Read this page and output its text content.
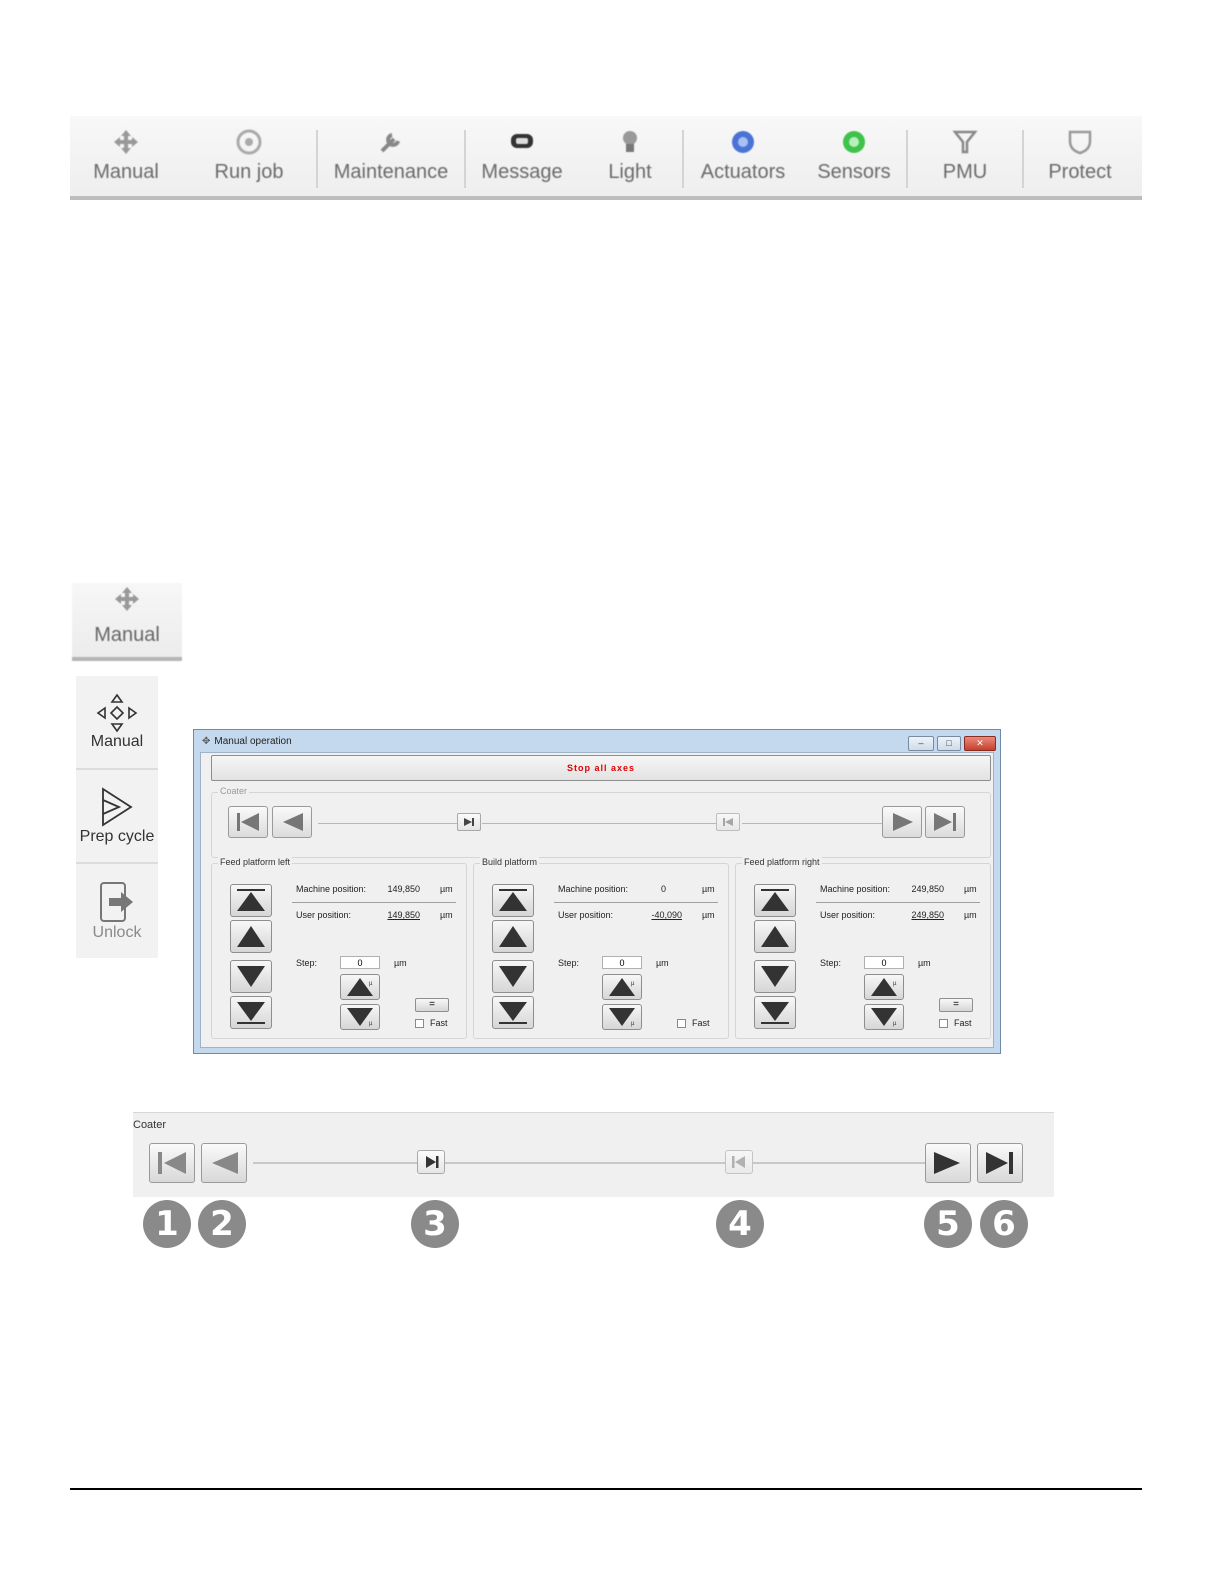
Manual	Run job	Maintenance Message Light Actuators Sensors	PMU	Protect
Manual
Manual
Prep cycle
Unlock
✥ Manual operation	–	□	✕
Stop all axes
Coater
Feed platform left
Machine position:	149,850 µm
User position:	149,850 µm
Step:	0	µm
µ
µ
=
Fast
Build platform
Machine position:	0	µm
User position:	-40,090 µm
Step:	0	µm
µ
µ	Fast
Feed platform right
Machine position:	249,850 µm
User position:	249,850 µm
Step:	0	µm
µ
µ
=
Fast
Coater
1 2	3	4	5 6
